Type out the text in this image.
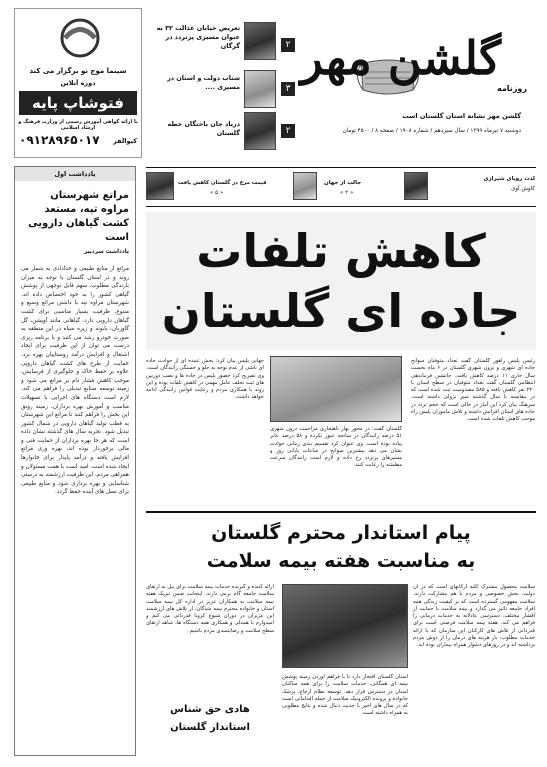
روزنامه
گلشن مهر
گلشن مهر نشانه استان گلستان است
دوشنبه ۷ تیرماه ۱۳۹۹ / سال سیزدهم / شماره ۱۹۰۸ / صفحه ۸ / ۴۵۰۰ تومان
۲
تعریض خیابان عدالت ۳۲ به عنوان مسیری پرتردد در گرگان
۳
شتاب دولت و استان در مسیری ....
۲
دریاد جان باختگان خطه گلستان
سینما موج نو برگزار می کند
دوره آنلاین
فتوشاپ پایه
با ارائه گواهی آموزش رسمی از وزارت فرهنگ و ارشاد اسلامی
کیوالفر
۰۹۱۲۸۹۶۵۰۱۷
لذت رویای شیرازی
کاوش آوی
جالب از جهان
« ۲ »
قیمت مرغ در گلستان کاهش یافت
« ۵ »
یادداشت اول
مراتع شهرستان مراوه تپه، مستعد کشت گیاهان دارویی است
یادداشت سردبیر
مراتع از منابع طبیعی و خدادادی به شمار می روند و در استان گلستان با توجه به میزان بارندگی مطلوب، سهم قابل توجهی از پوشش گیاهی کشور را به خود اختصاص داده اند. شهرستان مراوه تپه با داشتن مراتع وسیع و متنوع، ظرفیت بسیار مناسبی برای کشت گیاهان دارویی دارد. گیاهانی مانند آویشن، گل گاوزبان، بابونه و زیره سیاه در این منطقه به صورت خودرو رشد می کنند و با برنامه ریزی درست می توان از این ظرفیت برای ایجاد اشتغال و افزایش درآمد روستاییان بهره برد. حمایت از طرح های کشت گیاهان دارویی علاوه بر حفظ خاک و جلوگیری از فرسایش، موجب کاهش فشار دام بر مراتع می شود و زمینه توسعه صنایع تبدیلی را فراهم می کند. لازم است دستگاه های اجرایی با تسهیلات مناسب و آموزش بهره برداران، زمینه رونق این بخش را فراهم کنند تا مراتع این شهرستان به قطب تولید گیاهان دارویی در شمال کشور تبدیل شود. تجربه سال های گذشته نشان داده است که هر جا بهره برداران از حمایت فنی و مالی برخوردار بوده اند، بهره وری مراتع افزایش یافته و درآمد پایدار برای خانوارها ایجاد شده است. امید است با همت مسئولان و همراهی مردم، این ظرفیت ارزشمند به درستی شناسایی و بهره برداری شود و منابع طبیعی برای نسل های آینده حفظ گردد.
کاهش تلفات
جاده ای گلستان
رئیس پلیس راهور گلستان گفت تعداد متوفیان سوانح جاده ای شهری و برون شهری گلستان در ۶ ماه نخست سال جاری ۱۱ درصد کاهش یافت. جانشین فرماندهی انتظامی گلستان گفت تعداد متوفیان در سطح استان با ۲۲۰ نفر کاهش یافته و ۵۸۵ مصدومیت ثبت شده است که در مقایسه با سال گذشته سیر نزولی داشته است. سرهنگ بیان کرد این آمار در حالی است که حجم تردد در جاده های استان افزایش داشته و تلاش ماموران پلیس راه موجب کاهش تلفات شده است.
گلستان گفت: در محور بهار ناهنجاری مزاحمت درون شهری ۵۱ درصد رانندگان در سانحه عبور نکرده و ۵۸ درصد عابر پیاده بوده است. وی عنوان کرد تقسیم بندی زمانی حوادث نشان می دهد بیشترین سوانح در ساعات پایانی روز و مسیرهای پرتردد رخ داده و لازم است رانندگان سرعت مطمئنه را رعایت کنند.
جهانی پلیس بیان کرد: بخش عمده ای از حوادث جاده ای ناشی از عدم توجه به جلو و خستگی رانندگان است. وی تصریح کرد حضور پلیس در جاده ها و نصب دوربین های ثبت تخلف عامل مهمی در کاهش تلفات بوده و این روند با همکاری مردم و رعایت قوانین رانندگی ادامه خواهد داشت.
پیام استاندار محترم گلستان
به مناسبت هفته بیمه سلامت
سلامت محصول مشترک کلیه ارکانهای است که در آن دولت، بخش خصوصی و مردم با هم مشارکت دارند. سلامت مفهومی گسترده است که بر کیفیت زندگی همه افراد جامعه تاثیر می گذارد و بیمه سلامت با حمایت از اقشار مختلف، دسترسی عادلانه به خدمات درمانی را فراهم می کند. هفته بیمه سلامت فرصتی است برای قدردانی از تلاش های کارکنان این سازمان که با ارائه خدمات مطلوب، بار هزینه های درمان را از دوش مردم برداشته اند و در روزهای دشوار همراه بیماران بوده اند.
ارائه کننده و گیرنده خدمات بیمه سلامت برای نیل به ارتقای سلامت جامعه گام برمی دارند. اینجانب ضمن تبریک هفته بیمه سلامت به همکاران عزیز در اداره کل بیمه سلامت استان و خانواده محترم بیمه شدگان، از تلاش های ارزشمند این عزیزان در دوران شیوع کرونا قدردانی می کنم و امیدوارم با همدلی و همکاری همه دستگاه ها، شاهد ارتقای سطح سلامت و رضایتمندی مردم باشیم.
استان گلستان افتخار دارد تا با فراهم آوردن زمینه پوشش بیمه ای همگانی، خدمات سلامت را برای همه ساکنان استان در دسترس قرار دهد. توسعه نظام ارجاع، پزشک خانواده و پرونده الکترونیک سلامت از جمله اقداماتی است که در سال های اخیر با جدیت دنبال شده و نتایج مطلوبی به همراه داشته است.
هادی حق شناس
استاندار گلستان
